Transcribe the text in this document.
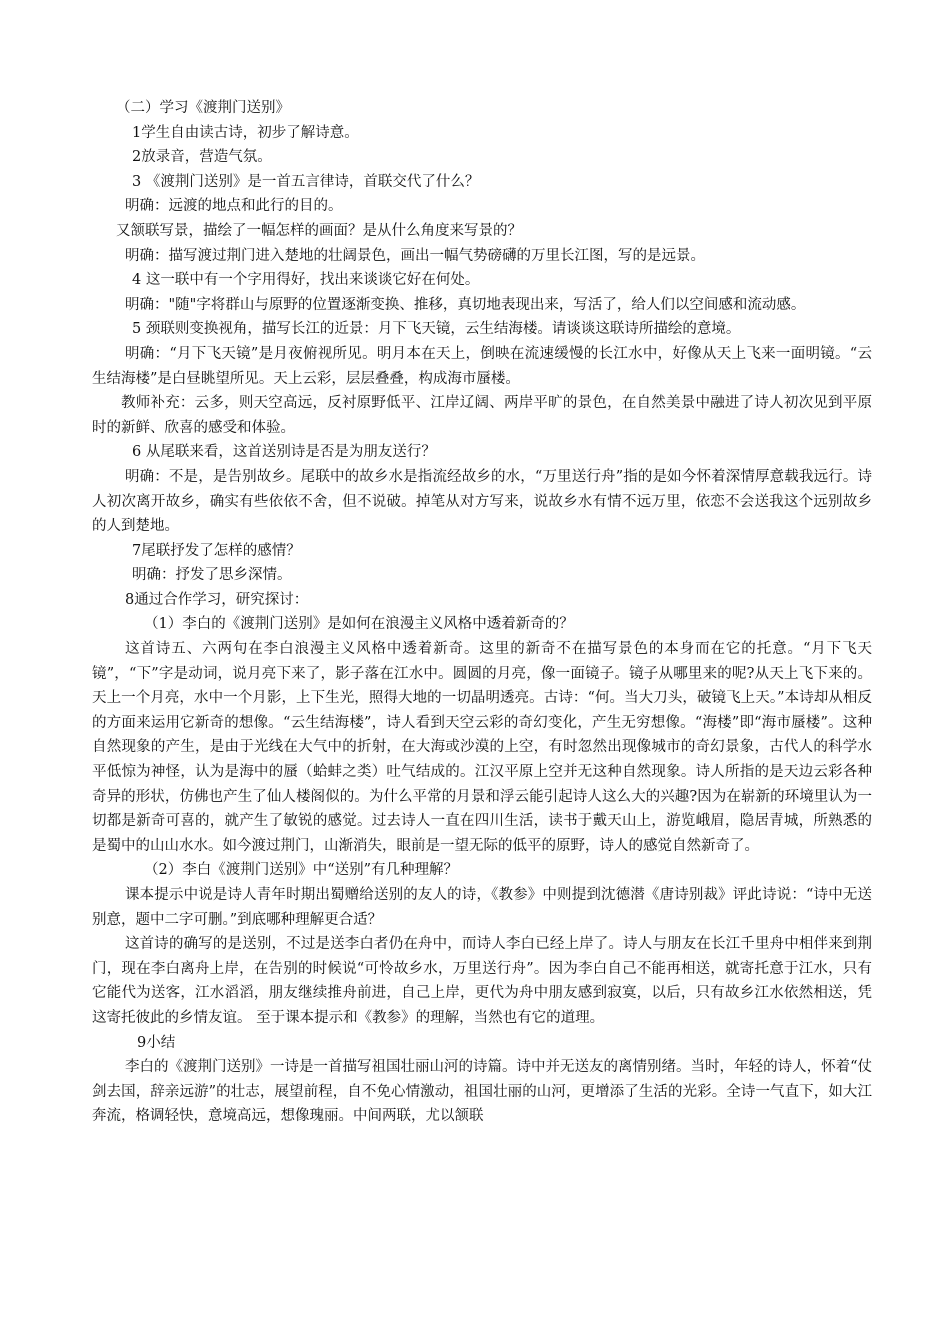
（二）学习《渡荆门送别》

1学生自由读古诗，初步了解诗意。

2放录音，营造气氛。

3 《渡荆门送别》是一首五言律诗，首联交代了什么？

明确：远渡的地点和此行的目的。

又颔联写景，描绘了一幅怎样的画面？是从什么角度来写景的？

明确：描写渡过荆门进入楚地的壮阔景色，画出一幅气势磅礴的万里长江图，写的是远景。

4 这一联中有一个字用得好，找出来谈谈它好在何处。

明确："随"字将群山与原野的位置逐渐变换、推移，真切地表现出来，写活了，给人们以空间感和流动感。

5 颈联则变换视角，描写长江的近景：月下飞天镜，云生结海楼。请谈谈这联诗所描绘的意境。

明确：“月下飞天镜”是月夜俯视所见。明月本在天上，倒映在流速缓慢的长江水中，好像从天上飞来一面明镜。“云生结海楼”是白昼眺望所见。天上云彩，层层叠叠，构成海市蜃楼。

教师补充：云多，则天空高远，反衬原野低平、江岸辽阔、两岸平旷的景色，在自然美景中融进了诗人初次见到平原时的新鲜、欣喜的感受和体验。

6 从尾联来看，这首送别诗是否是为朋友送行？

明确：不是，是告别故乡。尾联中的故乡水是指流经故乡的水，“万里送行舟”指的是如今怀着深情厚意载我远行。诗人初次离开故乡，确实有些依依不舍，但不说破。掉笔从对方写来，说故乡水有情不远万里，依恋不会送我这个远别故乡的人到楚地。

7尾联抒发了怎样的感情？

明确：抒发了思乡深情。

8通过合作学习，研究探讨：

（1）李白的《渡荆门送别》是如何在浪漫主义风格中透着新奇的？

这首诗五、六两句在李白浪漫主义风格中透着新奇。这里的新奇不在描写景色的本身而在它的托意。“月下飞天镜”，“下”字是动词，说月亮下来了，影子落在江水中。圆圆的月亮，像一面镜子。镜子从哪里来的呢?从天上飞下来的。天上一个月亮，水中一个月影，上下生光，照得大地的一切晶明透亮。古诗：“何。当大刀头，破镜飞上天。”本诗却从相反的方面来运用它新奇的想像。“云生结海楼”，诗人看到天空云彩的奇幻变化，产生无穷想像。“海楼”即“海市蜃楼”。这种自然现象的产生，是由于光线在大气中的折射，在大海或沙漠的上空，有时忽然出现像城市的奇幻景象，古代人的科学水平低惊为神怪，认为是海中的蜃（蛤蚌之类）吐气结成的。江汉平原上空并无这种自然现象。诗人所指的是天边云彩各种奇异的形状，仿佛也产生了仙人楼阁似的。为什么平常的月景和浮云能引起诗人这么大的兴趣?因为在崭新的环境里认为一切都是新奇可喜的，就产生了敏锐的感觉。过去诗人一直在四川生活，读书于戴天山上，游览峨眉，隐居青城，所熟悉的是蜀中的山山水水。如今渡过荆门，山渐消失，眼前是一望无际的低平的原野，诗人的感觉自然新奇了。

（2）李白《渡荆门送别》中“送别”有几种理解？

课本提示中说是诗人青年时期出蜀赠给送别的友人的诗，《教参》中则提到沈德潜《唐诗别裁》评此诗说：“诗中无送别意，题中二字可删。”到底哪种理解更合适？

这首诗的确写的是送别，不过是送李白者仍在舟中，而诗人李白已经上岸了。诗人与朋友在长江千里舟中相伴来到荆门，现在李白离舟上岸，在告别的时候说“可怜故乡水，万里送行舟”。因为李白自己不能再相送，就寄托意于江水，只有它能代为送客，江水滔滔，朋友继续推舟前进，自己上岸，更代为舟中朋友感到寂寞，以后，只有故乡江水依然相送，凭这寄托彼此的乡情友谊。 至于课本提示和《教参》的理解，当然也有它的道理。

9小结

李白的《渡荆门送别》一诗是一首描写祖国壮丽山河的诗篇。诗中并无送友的离情别绪。当时，年轻的诗人，怀着“仗剑去国，辞亲远游”的壮志，展望前程，自不免心情激动，祖国壮丽的山河，更增添了生活的光彩。全诗一气直下，如大江奔流，格调轻快，意境高远，想像瑰丽。中间两联，尤以颔联
